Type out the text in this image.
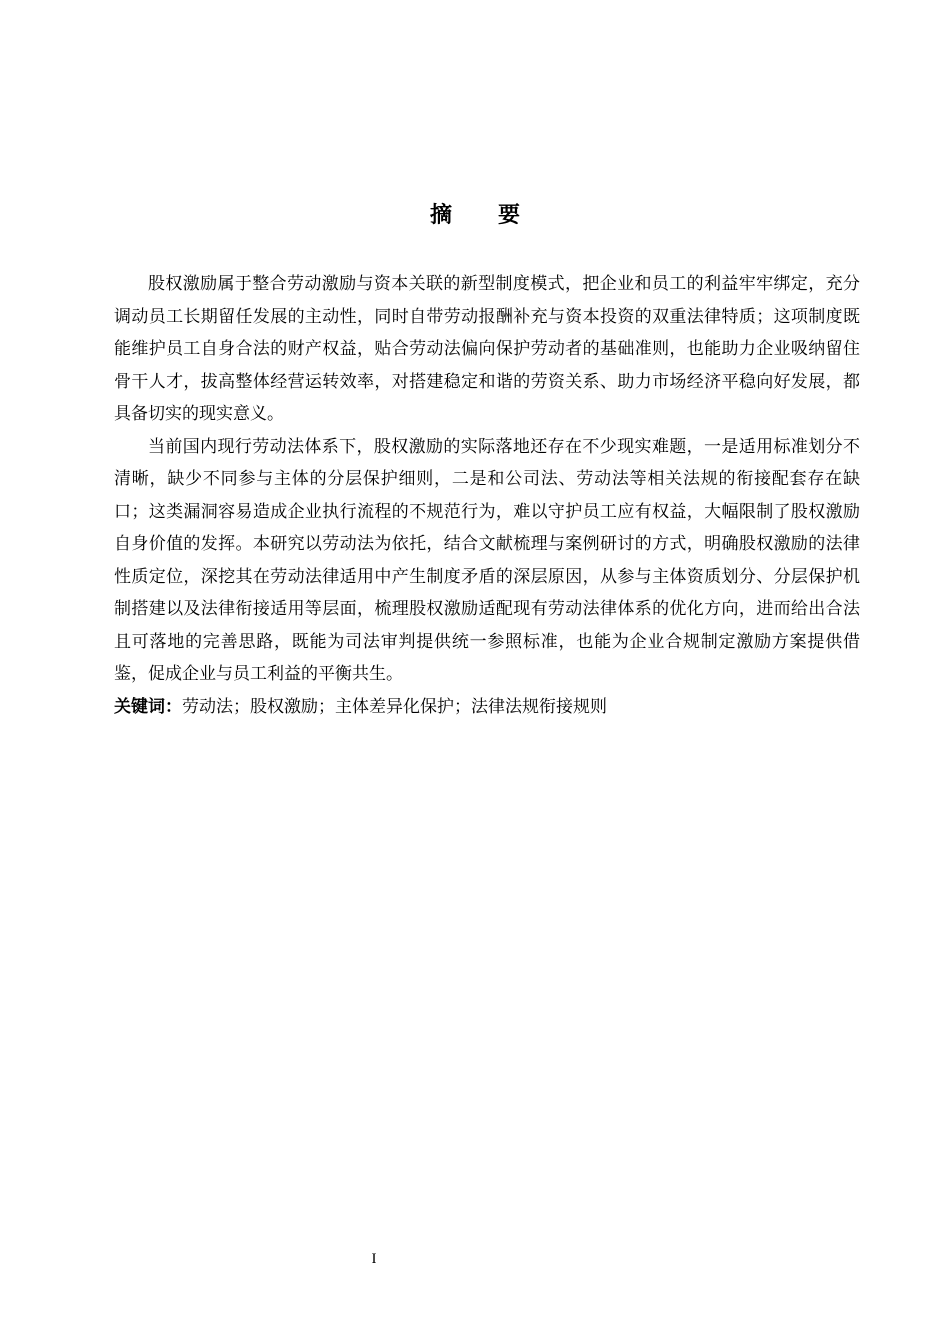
摘 要

股权激励属于整合劳动激励与资本关联的新型制度模式，把企业和员工的利益牢牢绑定，充分调动员工长期留任发展的主动性，同时自带劳动报酬补充与资本投资的双重法律特质；这项制度既能维护员工自身合法的财产权益，贴合劳动法偏向保护劳动者的基础准则，也能助力企业吸纳留住骨干人才，拔高整体经营运转效率，对搭建稳定和谐的劳资关系、助力市场经济平稳向好发展，都具备切实的现实意义。

当前国内现行劳动法体系下，股权激励的实际落地还存在不少现实难题，一是适用标准划分不清晰，缺少不同参与主体的分层保护细则，二是和公司法、劳动法等相关法规的衔接配套存在缺口；这类漏洞容易造成企业执行流程的不规范行为，难以守护员工应有权益，大幅限制了股权激励自身价值的发挥。本研究以劳动法为依托，结合文献梳理与案例研讨的方式，明确股权激励的法律性质定位，深挖其在劳动法律适用中产生制度矛盾的深层原因，从参与主体资质划分、分层保护机制搭建以及法律衔接适用等层面，梳理股权激励适配现有劳动法律体系的优化方向，进而给出合法且可落地的完善思路，既能为司法审判提供统一参照标准，也能为企业合规制定激励方案提供借鉴，促成企业与员工利益的平衡共生。

关键词：劳动法；股权激励；主体差异化保护；法律法规衔接规则

I
